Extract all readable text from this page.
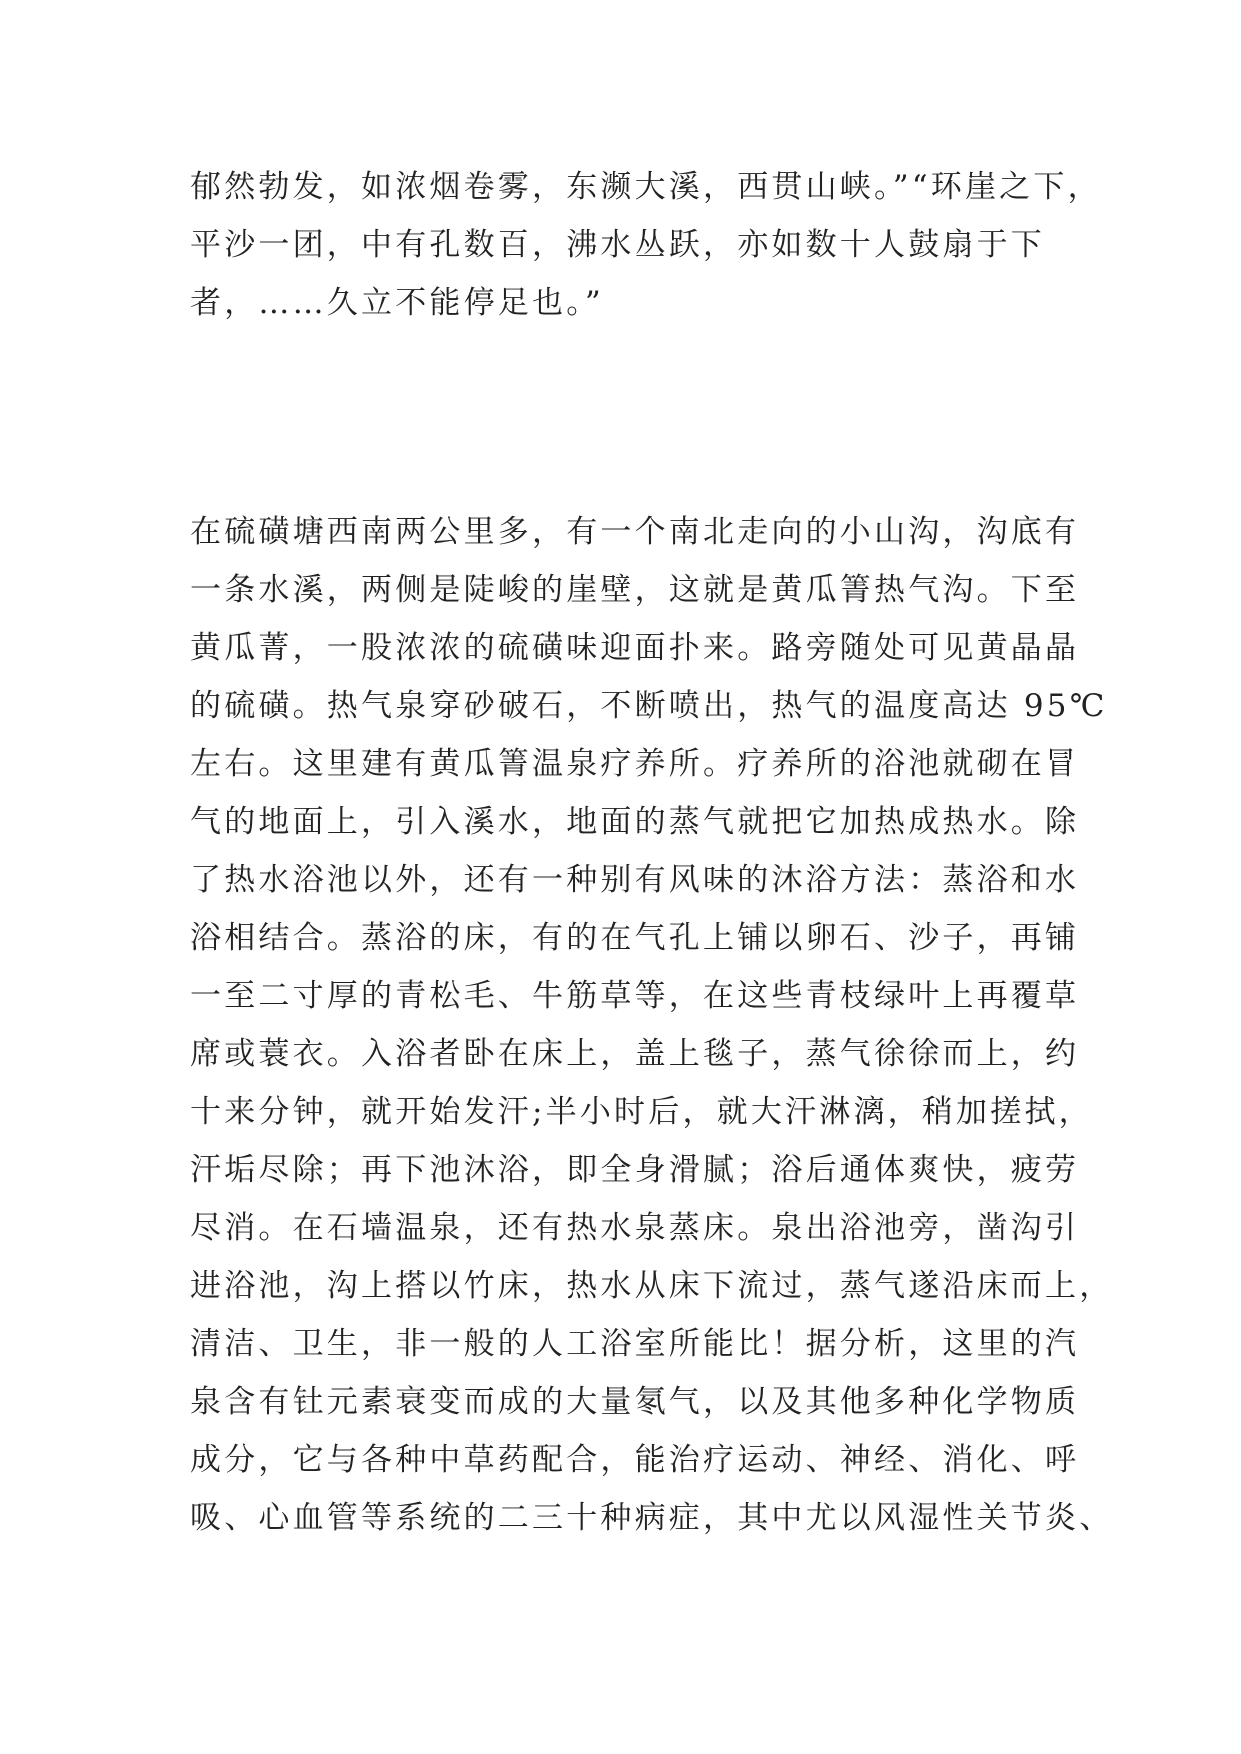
郁然勃发，如浓烟卷雾，东濒大溪，西贯山峡。”“环崖之下，
平沙一团，中有孔数百，沸水丛跃，亦如数十人鼓扇于下
者，……久立不能停足也。”
在硫磺塘西南两公里多，有一个南北走向的小山沟，沟底有
一条水溪，两侧是陡峻的崖壁，这就是黄瓜箐热气沟。下至
黄瓜菁，一股浓浓的硫磺味迎面扑来。路旁随处可见黄晶晶
的硫磺。热气泉穿砂破石，不断喷出，热气的温度高达 95℃
左右。这里建有黄瓜箐温泉疗养所。疗养所的浴池就砌在冒
气的地面上，引入溪水，地面的蒸气就把它加热成热水。除
了热水浴池以外，还有一种别有风味的沐浴方法：蒸浴和水
浴相结合。蒸浴的床，有的在气孔上铺以卵石、沙子，再铺
一至二寸厚的青松毛、牛筋草等，在这些青枝绿叶上再覆草
席或蓑衣。入浴者卧在床上，盖上毯子，蒸气徐徐而上，约
十来分钟，就开始发汗;半小时后，就大汗淋漓，稍加搓拭，
汗垢尽除；再下池沐浴，即全身滑腻；浴后通体爽快，疲劳
尽消。在石墙温泉，还有热水泉蒸床。泉出浴池旁，凿沟引
进浴池，沟上搭以竹床，热水从床下流过，蒸气遂沿床而上，
清洁、卫生，非一般的人工浴室所能比！据分析，这里的汽
泉含有钍元素衰变而成的大量氡气，以及其他多种化学物质
成分，它与各种中草药配合，能治疗运动、神经、消化、呼
吸、心血管等系统的二三十种病症，其中尤以风湿性关节炎、
